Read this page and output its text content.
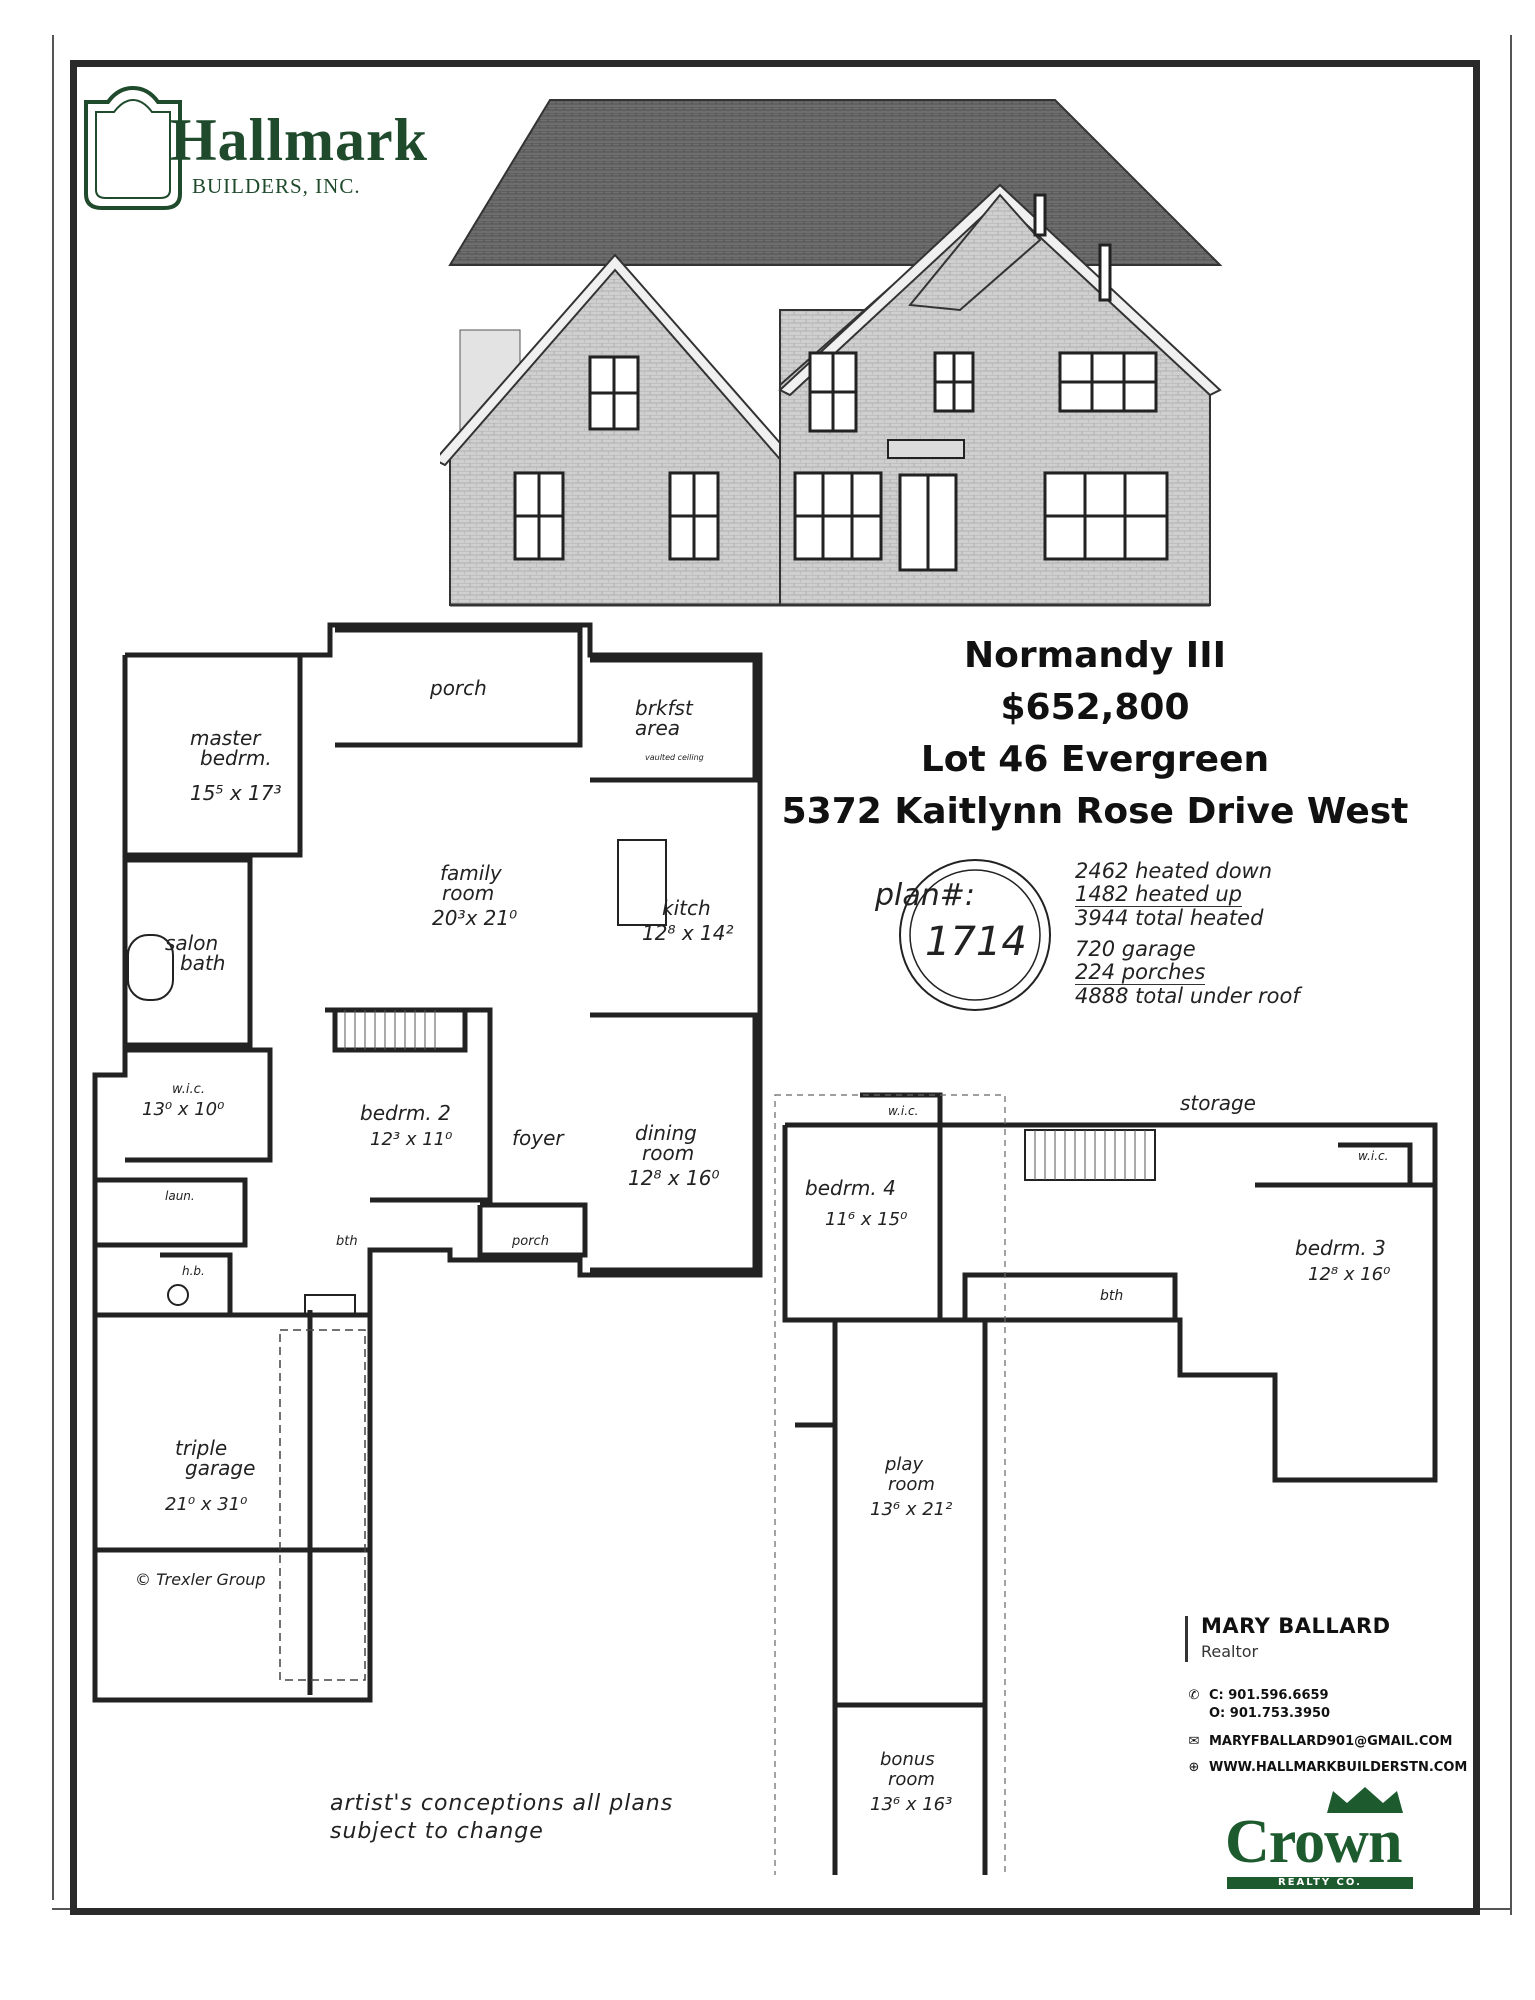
Hallmark
BUILDERS, INC.
Normandy III
$652,800
Lot 46 Evergreen
5372 Kaitlynn Rose Drive West
plan#:
1714
porch
brkfst
area
vaulted ceiling
master
bedrm.
15⁵ x 17³
family
room
20³x 21⁰	kitch
12⁸ x 14²
salon
bath
w.i.c.
13⁰ x 10⁰	bedrm. 2
12³ x 11⁰	foyer	dining
room
12⁸ x 16⁰
laun.
bth
h.b.
porch
triple
garage
21⁰ x 31⁰
© Trexler Group
storage
w.i.c.
w.i.c.
bedrm. 4
11⁶ x 15⁰
bedrm. 3
12⁸ x 16⁰
bth
play
room
13⁶ x 21²
bonus
room
13⁶ x 16³
2462 heated down
1482 heated up
3944 total heated
720 garage
224 porches
4888 total under roof
artist's conceptions all plans
subject to change
MARY BALLARD
Realtor
✆ C: 901.596.6659
O: 901.753.3950
✉ MARYFBALLARD901@GMAIL.COM
⊕ WWW.HALLMARKBUILDERSTN.COM
Crown
REALTY CO.
